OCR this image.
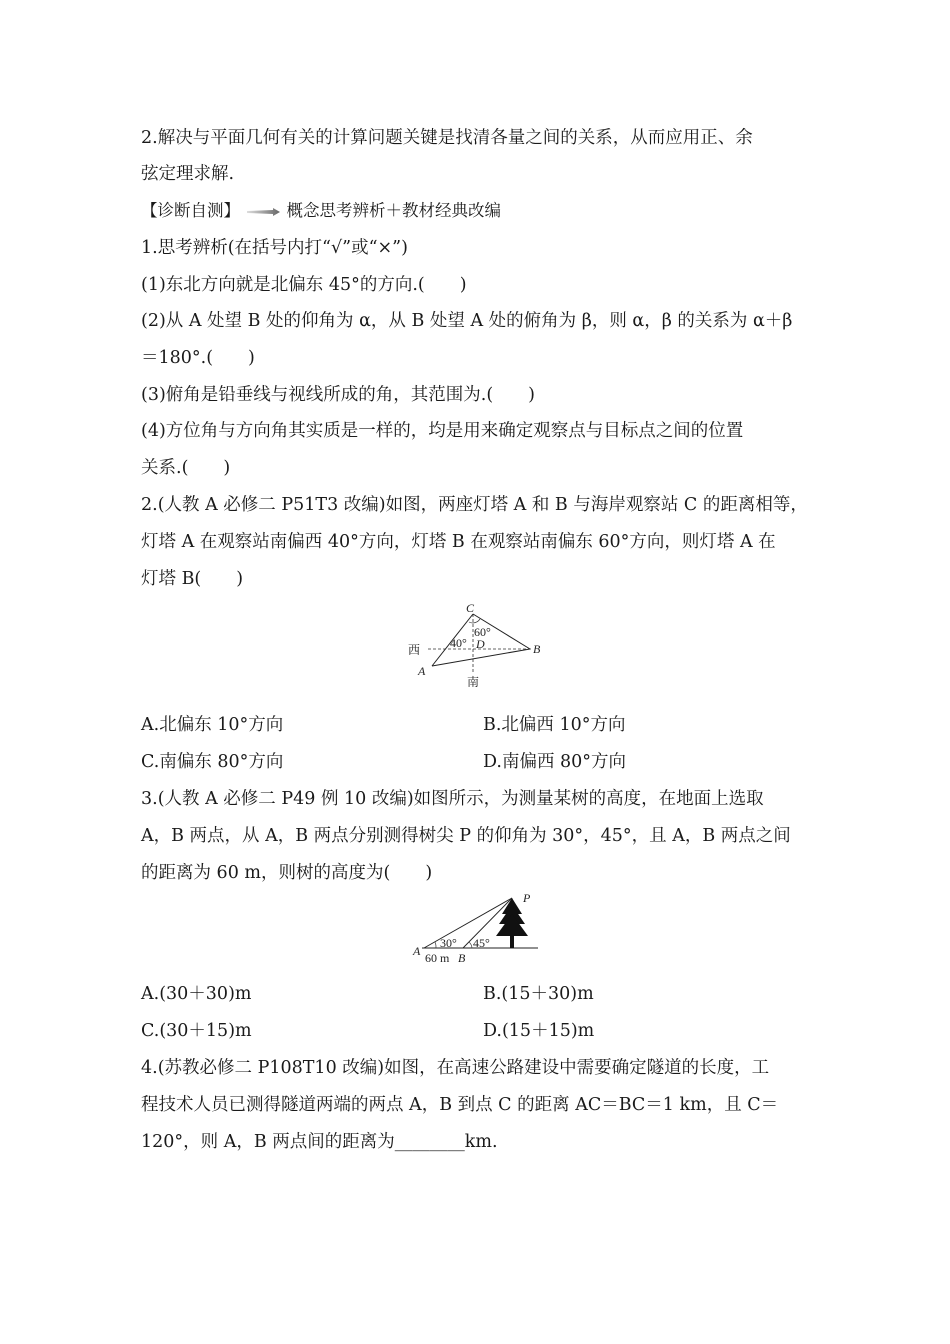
2.解决与平面几何有关的计算问题关键是找清各量之间的关系，从而应用正、余
弦定理求解.
【诊断自测】	概念思考辨析＋教材经典改编
1.思考辨析(在括号内打“√”或“×”)
(1)东北方向就是北偏东 45°的方向.(　　)
(2)从 A 处望 B 处的仰角为 α，从 B 处望 A 处的俯角为 β，则 α，β 的关系为 α＋β
＝180°.(　　)
(3)俯角是铅垂线与视线所成的角，其范围为.(　　)
(4)方位角与方向角其实质是一样的，均是用来确定观察点与目标点之间的位置
关系.(　　)
2.(人教 A 必修二 P51T3 改编)如图，两座灯塔 A 和 B 与海岸观察站 C 的距离相等，
灯塔 A 在观察站南偏西 40°方向，灯塔 B 在观察站南偏东 60°方向，则灯塔 A 在
灯塔 B(　　)
C
60°
40° D
西	B
A
南
A.北偏东 10°方向	B.北偏西 10°方向
C.南偏东 80°方向	D.南偏西 80°方向
3.(人教 A 必修二 P49 例 10 改编)如图所示，为测量某树的高度，在地面上选取
A，B 两点，从 A，B 两点分别测得树尖 P 的仰角为 30°，45°，且 A，B 两点之间
的距离为 60 m，则树的高度为(　　)
P
30° 45°
A 60 m B
A.(30＋30)m	B.(15＋30)m
C.(30＋15)m	D.(15＋15)m
4.(苏教必修二 P108T10 改编)如图，在高速公路建设中需要确定隧道的长度，工
程技术人员已测得隧道两端的两点 A，B 到点 C 的距离 AC＝BC＝1 km，且 C＝
120°，则 A，B 两点间的距离为________km.
